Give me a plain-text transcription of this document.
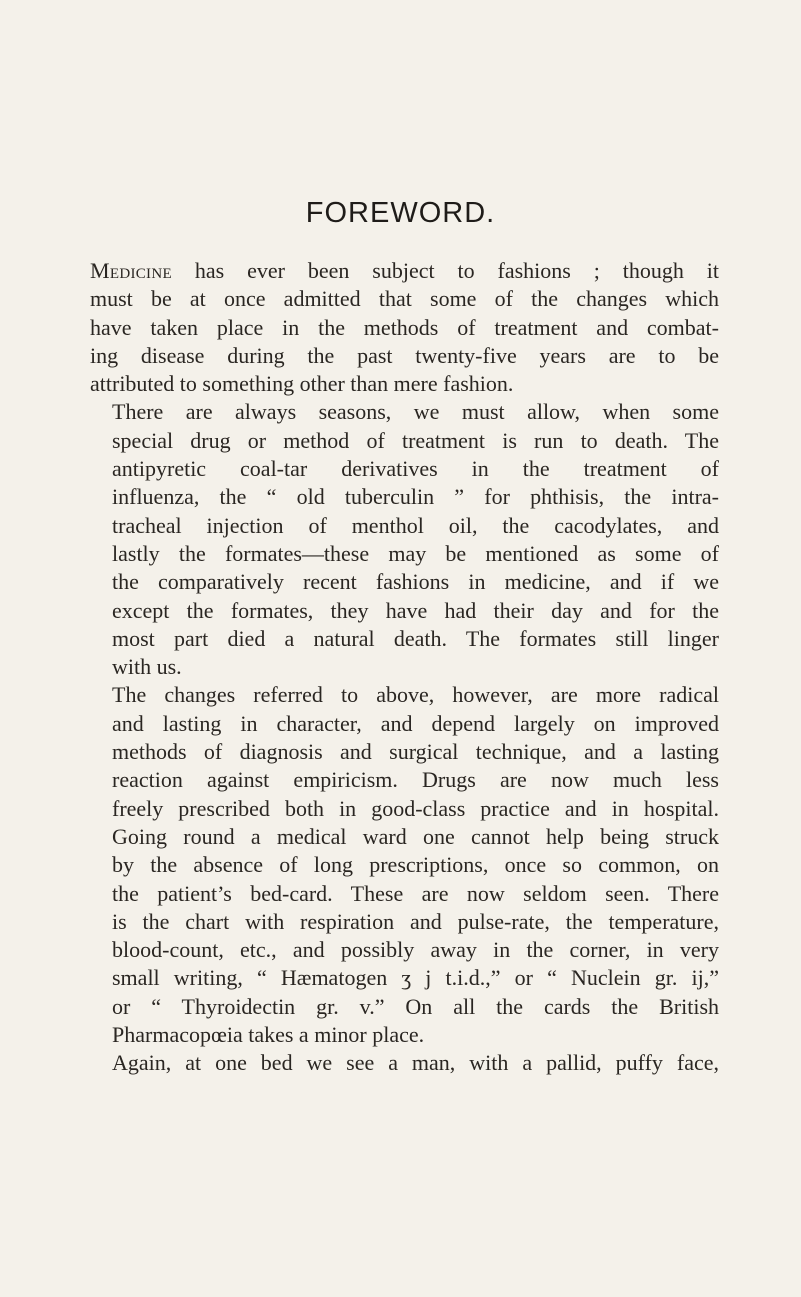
FOREWORD.

Medicine has ever been subject to fashions ; though it
must be at once admitted that some of the changes which
have taken place in the methods of treatment and combat-
ing disease during the past twenty-five years are to be
attributed to something other than mere fashion.

There are always seasons, we must allow, when some
special drug or method of treatment is run to death. The
antipyretic coal-tar derivatives in the treatment of
influenza, the “ old tuberculin ” for phthisis, the intra-
tracheal injection of menthol oil, the cacodylates, and
lastly the formates—these may be mentioned as some of
the comparatively recent fashions in medicine, and if we
except the formates, they have had their day and for the
most part died a natural death. The formates still linger
with us.

The changes referred to above, however, are more radical
and lasting in character, and depend largely on improved
methods of diagnosis and surgical technique, and a lasting
reaction against empiricism. Drugs are now much less
freely prescribed both in good-class practice and in hospital.
Going round a medical ward one cannot help being struck
by the absence of long prescriptions, once so common, on
the patient’s bed-card. These are now seldom seen. There
is the chart with respiration and pulse-rate, the temperature,
blood-count, etc., and possibly away in the corner, in very
small writing, “ Hæmatogen ʒ j t.i.d.,” or “ Nuclein gr. ij,”
or “ Thyroidectin gr. v.” On all the cards the British
Pharmacopœia takes a minor place.

Again, at one bed we see a man, with a pallid, puffy face,
